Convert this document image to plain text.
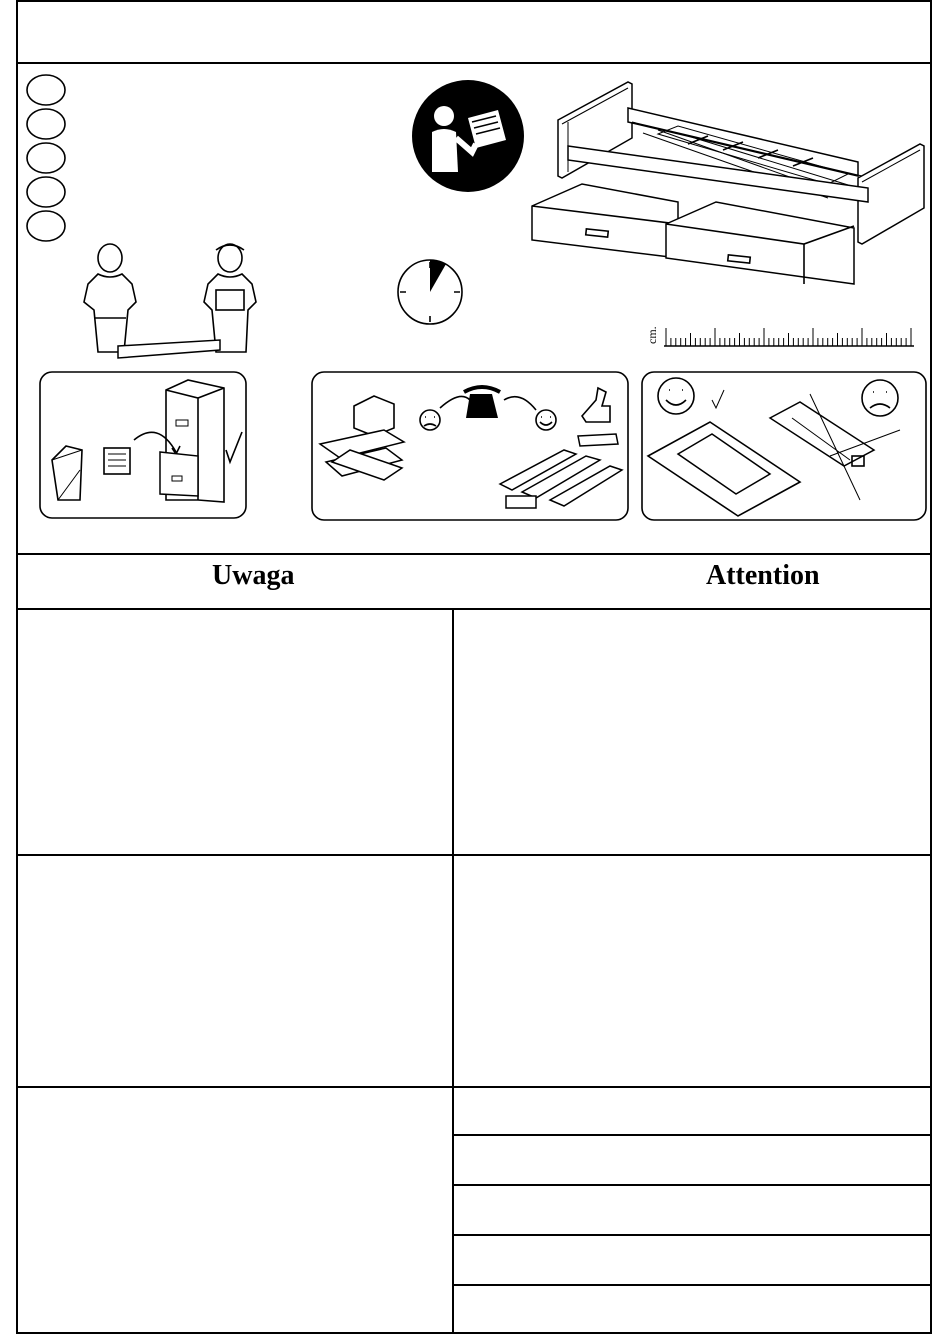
Uwaga	Attention
cm.
